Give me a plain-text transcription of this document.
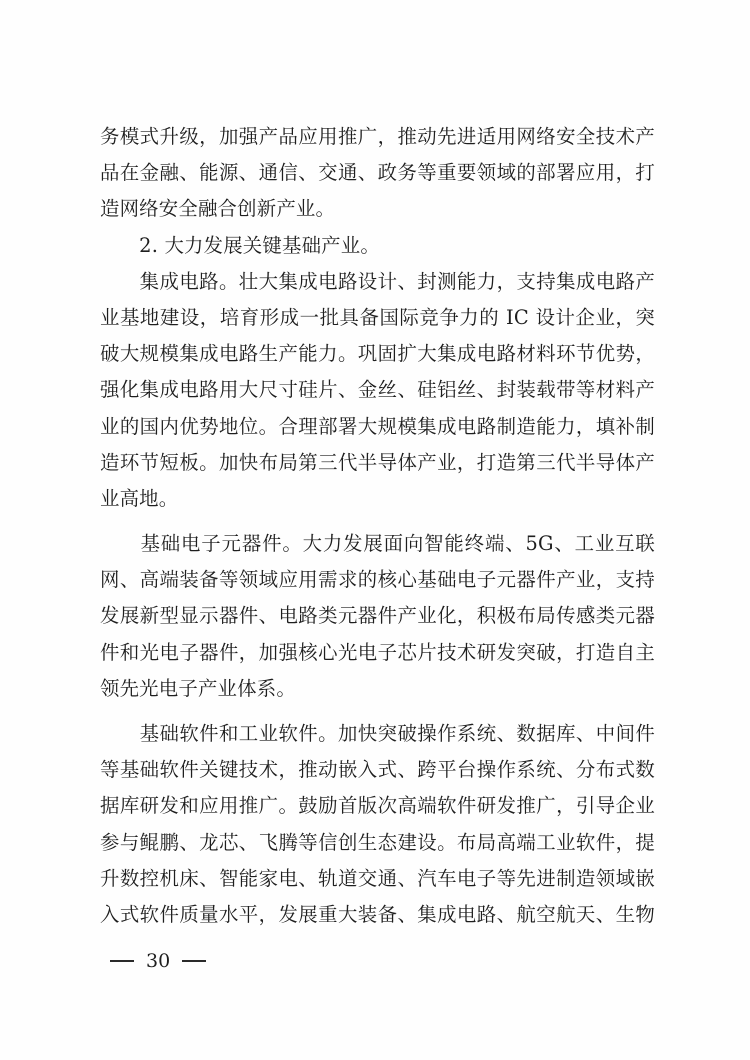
务模式升级，加强产品应用推广，推动先进适用网络安全技术产
品在金融、能源、通信、交通、政务等重要领域的部署应用，打
造网络安全融合创新产业。
　　2. 大力发展关键基础产业。
　　集成电路。壮大集成电路设计、封测能力，支持集成电路产
业基地建设，培育形成一批具备国际竞争力的 IC 设计企业，突
破大规模集成电路生产能力。巩固扩大集成电路材料环节优势，
强化集成电路用大尺寸硅片、金丝、硅铝丝、封装载带等材料产
业的国内优势地位。合理部署大规模集成电路制造能力，填补制
造环节短板。加快布局第三代半导体产业，打造第三代半导体产
业高地。
　　基础电子元器件。大力发展面向智能终端、5G、工业互联
网、高端装备等领域应用需求的核心基础电子元器件产业，支持
发展新型显示器件、电路类元器件产业化，积极布局传感类元器
件和光电子器件，加强核心光电子芯片技术研发突破，打造自主
领先光电子产业体系。
　　基础软件和工业软件。加快突破操作系统、数据库、中间件
等基础软件关键技术，推动嵌入式、跨平台操作系统、分布式数
据库研发和应用推广。鼓励首版次高端软件研发推广，引导企业
参与鲲鹏、龙芯、飞腾等信创生态建设。布局高端工业软件，提
升数控机床、智能家电、轨道交通、汽车电子等先进制造领域嵌
入式软件质量水平，发展重大装备、集成电路、航空航天、生物
30
